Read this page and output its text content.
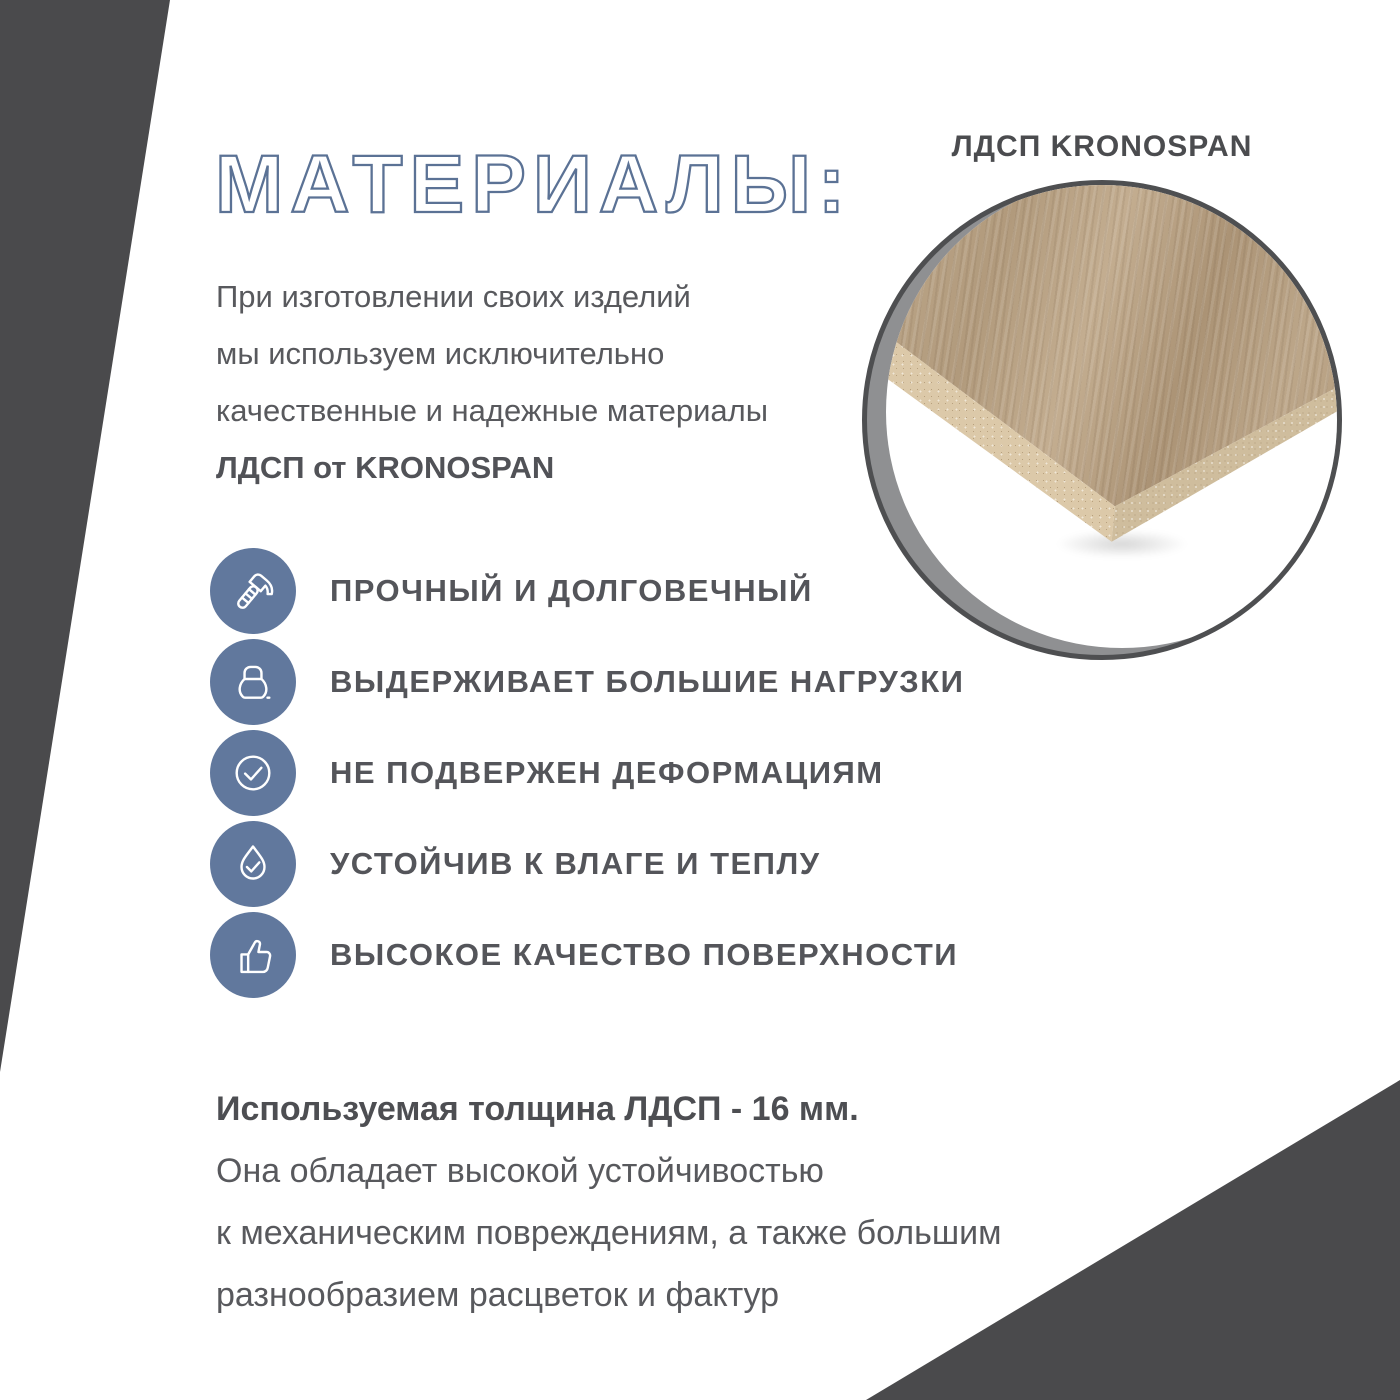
МАТЕРИАЛЫ:

При изготовлении своих изделий
мы используем исключительно
качественные и надежные материалы
ЛДСП от KRONOSPAN

ЛДСП KRONOSPAN
ПРОЧНЫЙ И ДОЛГОВЕЧНЫЙ
ВЫДЕРЖИВАЕТ БОЛЬШИЕ НАГРУЗКИ
НЕ ПОДВЕРЖЕН ДЕФОРМАЦИЯМ
УСТОЙЧИВ К ВЛАГЕ И ТЕПЛУ
ВЫСОКОЕ КАЧЕСТВО ПОВЕРХНОСТИ

Используемая толщина ЛДСП - 16 мм.
Она обладает высокой устойчивостью
к механическим повреждениям, а также большим
разнообразием расцветок и фактур
